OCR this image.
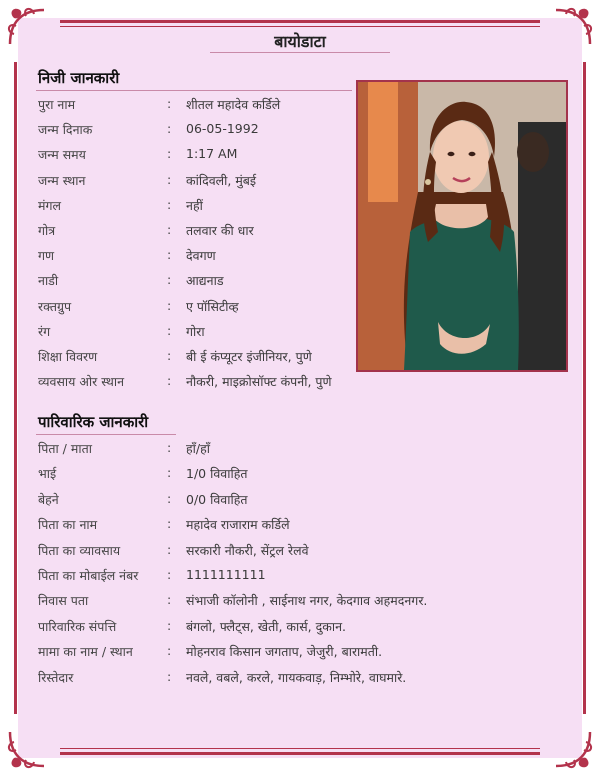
बायोडाटा
निजी जानकारी
पुरा नाम	: शीतल महादेव कर्डिले
जन्म दिनाक	: 06-05-1992
जन्म समय	: 1:17 AM
जन्म स्थान	: कांदिवली, मुंबई
मंगल	: नहीं
गोत्र	: तलवार की धार
गण	: देवगण
नाडी	: आद्यनाड
रक्तग्रुप	: ए पॉसिटीव्ह
रंग	: गोरा
शिक्षा विवरण	: बी ई कंप्यूटर इंजीनियर, पुणे
व्यवसाय ओर स्थान	: नौकरी, माइक्रोसॉफ्ट कंपनी, पुणे
पारिवारिक जानकारी
पिता / माता	: हाँ/हाँ
भाई	: 1/0 विवाहित
बेहने	: 0/0 विवाहित
पिता का नाम	: महादेव राजाराम कर्डिले
पिता का व्यावसाय	: सरकारी नौकरी, सेंट्रल रेलवे
पिता का मोबाईल नंबर : 1111111111
निवास पता	: संभाजी कॉलोनी , साईनाथ नगर, केदगाव अहमदनगर.
पारिवारिक संपत्ति	: बंगलो, फ्लैट्स, खेती, कार्स, दुकान.
मामा का नाम / स्थान	: मोहनराव किसान जगताप, जेजुरी, बारामती.
रिस्तेदार	: नवले, वबले, करले, गायकवाड़, निम्भोरे, वाघमारे.
